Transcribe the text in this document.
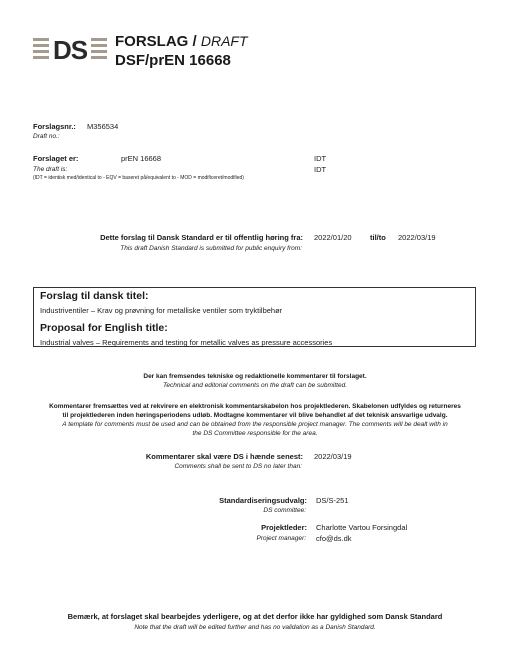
DS FORSLAG / DRAFT
DSF/prEN 16668
Forslagsnr.: M356534
Draft no.:
Forslaget er:	prEN 16668	IDT
The draft is:	IDT
(IDT = identisk med/identical to - EQV = baseret på/equivalent to - MOD = modificeret/modified)
Dette forslag til Dansk Standard er til offentlig høring fra: 2022/01/20 til/to 2022/03/19
This draft Danish Standard is submitted for public enquiry from:
Forslag til dansk titel:
Industriventiler – Krav og prøvning for metalliske ventiler som tryktilbehør
Proposal for English title:
Industrial valves – Requirements and testing for metallic valves as pressure accessories
Der kan fremsendes tekniske og redaktionelle kommentarer til forslaget.
Technical and editorial comments on the draft can be submitted.
Kommentarer fremsættes ved at rekvirere en elektronisk kommentarskabelon hos projektlederen. Skabelonen udfyldes og returneres
til projektlederen inden høringsperiodens udløb. Modtagne kommentarer vil blive behandlet af det teknisk ansvarlige udvalg.
A template for comments must be used and can be obtained from the responsible project manager. The comments will be dealt with in
the DS Committee responsible for the area.
Kommentarer skal være DS i hænde senest: 2022/03/19
Comments shall be sent to DS no later than:
Standardiseringsudvalg: DS/S-251
DS committee:
Projektleder: Charlotte Vartou Forsingdal
Project manager: cfo@ds.dk
Bemærk, at forslaget skal bearbejdes yderligere, og at det derfor ikke har gyldighed som Dansk Standard
Note that the draft will be edited further and has no validation as a Danish Standard.
